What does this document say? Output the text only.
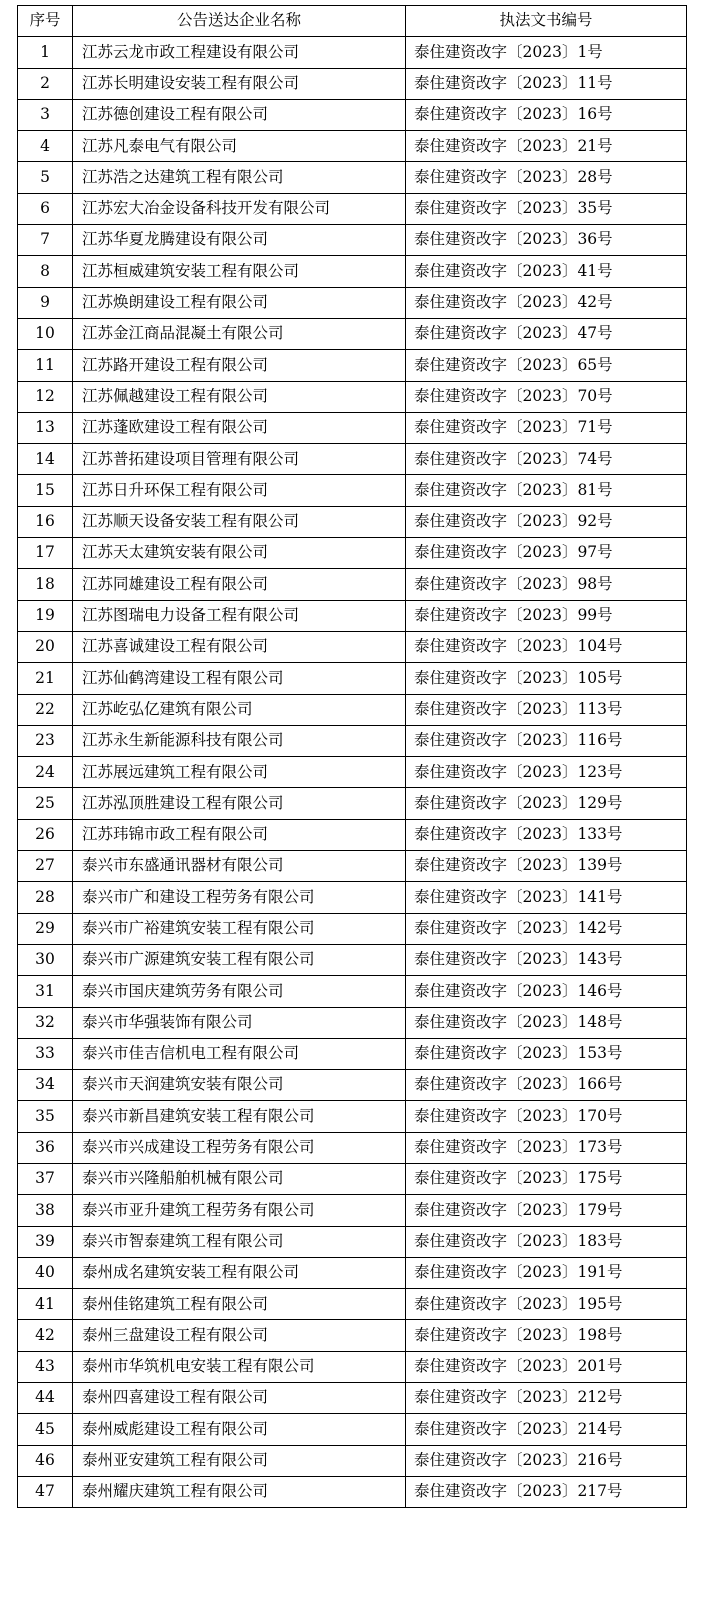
序号	公告送达企业名称	执法文书编号
1	江苏云龙市政工程建设有限公司	泰住建资改字〔2023〕1号
2	江苏长明建设安装工程有限公司	泰住建资改字〔2023〕11号
3	江苏德创建设工程有限公司	泰住建资改字〔2023〕16号
4	江苏凡泰电气有限公司	泰住建资改字〔2023〕21号
5	江苏浩之达建筑工程有限公司	泰住建资改字〔2023〕28号
6	江苏宏大冶金设备科技开发有限公司	泰住建资改字〔2023〕35号
7	江苏华夏龙腾建设有限公司	泰住建资改字〔2023〕36号
8	江苏桓威建筑安装工程有限公司	泰住建资改字〔2023〕41号
9	江苏焕朗建设工程有限公司	泰住建资改字〔2023〕42号
10	江苏金江商品混凝土有限公司	泰住建资改字〔2023〕47号
11	江苏路开建设工程有限公司	泰住建资改字〔2023〕65号
12	江苏佩越建设工程有限公司	泰住建资改字〔2023〕70号
13	江苏蓬欧建设工程有限公司	泰住建资改字〔2023〕71号
14	江苏普拓建设项目管理有限公司	泰住建资改字〔2023〕74号
15	江苏日升环保工程有限公司	泰住建资改字〔2023〕81号
16	江苏顺天设备安装工程有限公司	泰住建资改字〔2023〕92号
17	江苏天太建筑安装有限公司	泰住建资改字〔2023〕97号
18	江苏同雄建设工程有限公司	泰住建资改字〔2023〕98号
19	江苏图瑞电力设备工程有限公司	泰住建资改字〔2023〕99号
20	江苏喜诚建设工程有限公司	泰住建资改字〔2023〕104号
21	江苏仙鹤湾建设工程有限公司	泰住建资改字〔2023〕105号
22	江苏屹弘亿建筑有限公司	泰住建资改字〔2023〕113号
23	江苏永生新能源科技有限公司	泰住建资改字〔2023〕116号
24	江苏展远建筑工程有限公司	泰住建资改字〔2023〕123号
25	江苏泓顶胜建设工程有限公司	泰住建资改字〔2023〕129号
26	江苏玮锦市政工程有限公司	泰住建资改字〔2023〕133号
27	泰兴市东盛通讯器材有限公司	泰住建资改字〔2023〕139号
28	泰兴市广和建设工程劳务有限公司	泰住建资改字〔2023〕141号
29	泰兴市广裕建筑安装工程有限公司	泰住建资改字〔2023〕142号
30	泰兴市广源建筑安装工程有限公司	泰住建资改字〔2023〕143号
31	泰兴市国庆建筑劳务有限公司	泰住建资改字〔2023〕146号
32	泰兴市华强装饰有限公司	泰住建资改字〔2023〕148号
33	泰兴市佳吉信机电工程有限公司	泰住建资改字〔2023〕153号
34	泰兴市天润建筑安装有限公司	泰住建资改字〔2023〕166号
35	泰兴市新昌建筑安装工程有限公司	泰住建资改字〔2023〕170号
36	泰兴市兴成建设工程劳务有限公司	泰住建资改字〔2023〕173号
37	泰兴市兴隆船舶机械有限公司	泰住建资改字〔2023〕175号
38	泰兴市亚升建筑工程劳务有限公司	泰住建资改字〔2023〕179号
39	泰兴市智泰建筑工程有限公司	泰住建资改字〔2023〕183号
40	泰州成名建筑安装工程有限公司	泰住建资改字〔2023〕191号
41	泰州佳铭建筑工程有限公司	泰住建资改字〔2023〕195号
42	泰州三盘建设工程有限公司	泰住建资改字〔2023〕198号
43	泰州市华筑机电安装工程有限公司	泰住建资改字〔2023〕201号
44	泰州四喜建设工程有限公司	泰住建资改字〔2023〕212号
45	泰州威彪建设工程有限公司	泰住建资改字〔2023〕214号
46	泰州亚安建筑工程有限公司	泰住建资改字〔2023〕216号
47	泰州耀庆建筑工程有限公司	泰住建资改字〔2023〕217号
